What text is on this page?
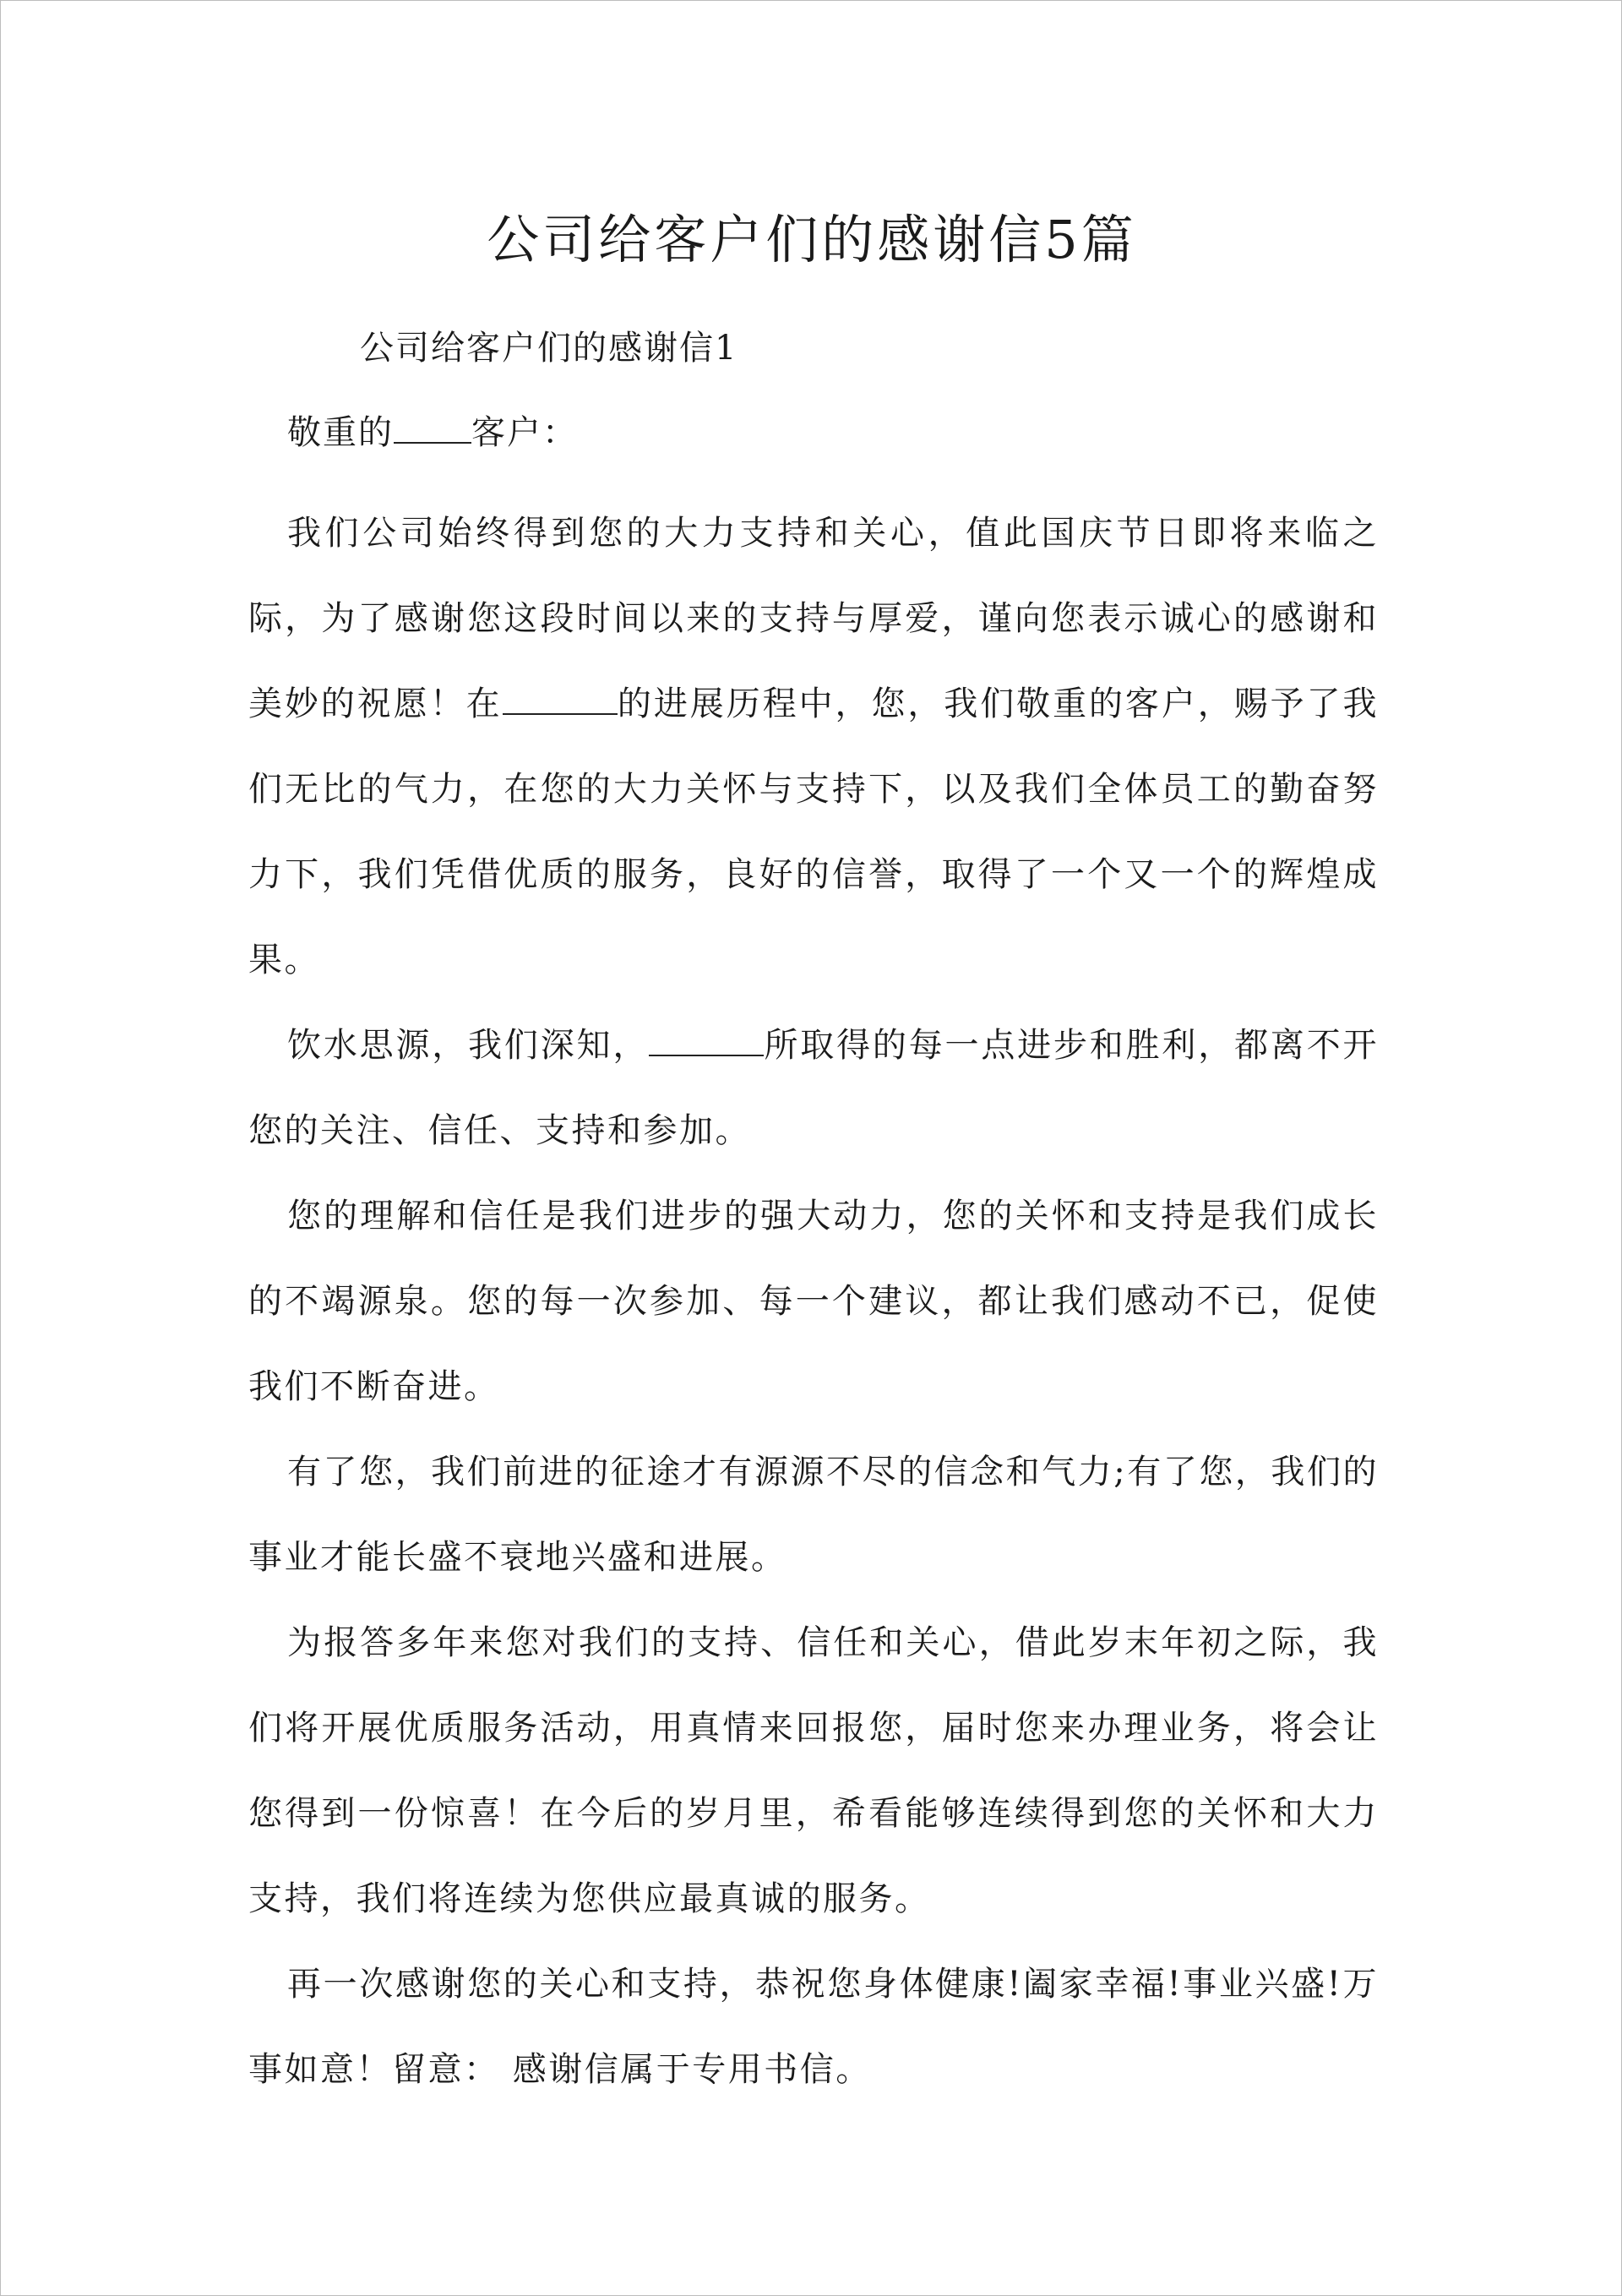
公司给客户们的感谢信5篇
公司给客户们的感谢信1
敬重的 客户：

我们公司始终得到您的大力支持和关心，值此国庆节日即将来临之际，为了感谢您这段时间以来的支持与厚爱，谨向您表示诚心的感谢和美妙的祝愿！在	的进展历程中，您，我们敬重的客户，赐予了我们无比的气力，在您的大力关怀与支持下，以及我们全体员工的勤奋努力下，我们凭借优质的服务，良好的信誉，取得了一个又一个的辉煌成果。

饮水思源，我们深知，	所取得的每一点进步和胜利，都离不开您的关注、信任、支持和参加。

您的理解和信任是我们进步的强大动力，您的关怀和支持是我们成长的不竭源泉。您的每一次参加、每一个建议，都让我们感动不已，促使我们不断奋进。

有了您，我们前进的征途才有源源不尽的信念和气力;有了您，我们的事业才能长盛不衰地兴盛和进展。

为报答多年来您对我们的支持、信任和关心，借此岁末年初之际，我们将开展优质服务活动，用真情来回报您，届时您来办理业务，将会让您得到一份惊喜！在今后的岁月里，希看能够连续得到您的关怀和大力支持，我们将连续为您供应最真诚的服务。

再一次感谢您的关心和支持，恭祝您身体健康!阖家幸福!事业兴盛!万事如意！留意： 感谢信属于专用书信。
